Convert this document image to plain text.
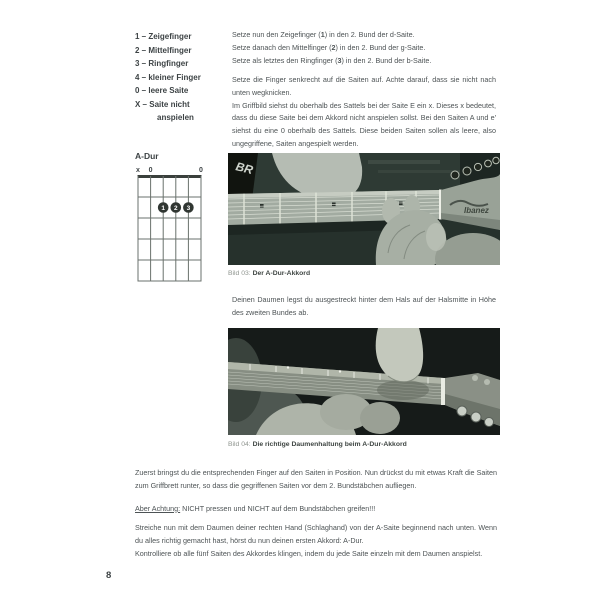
1 – Zeigefinger
2 – Mittelfinger
3 – Ringfinger
4 – kleiner Finger
0 – leere Saite
X – Saite nicht anspielen
Setze nun den Zeigefinger (1) in den 2. Bund der d-Saite.
Setze danach den Mittelfinger (2) in den 2. Bund der g-Saite.
Setze als letztes den Ringfinger (3) in den 2. Bund der b-Saite.

Setze die Finger senkrecht auf die Saiten auf. Achte darauf, dass sie nicht nach unten wegknicken.

Im Griffbild siehst du oberhalb des Sattels bei der Saite E ein x. Dieses x bedeutet, dass du diese Saite bei dem Akkord nicht anspielen sollst. Bei den Saiten A und e' siehst du eine 0 oberhalb des Sattels. Diese beiden Saiten sollen als leere, also ungegriffene, Saiten angespielt werden.

A-Dur
x 0	0
1 2 3
BR
Ibanez
Bild 03: Der A-Dur-Akkord
Deinen Daumen legst du ausgestreckt hinter dem Hals auf der Halsmitte in Höhe des zweiten Bundes ab.
Bild 04: Die richtige Daumenhaltung beim A-Dur-Akkord

Zuerst bringst du die entsprechenden Finger auf den Saiten in Position. Nun drückst du mit etwas Kraft die Saiten zum Griffbrett runter, so dass die gegriffenen Saiten vor dem 2. Bundstäbchen aufliegen.

Aber Achtung: NICHT pressen und NICHT auf dem Bundstäbchen greifen!!!

Streiche nun mit dem Daumen deiner rechten Hand (Schlaghand) von der A-Saite beginnend nach unten. Wenn du alles richtig gemacht hast, hörst du nun deinen ersten Akkord: A-Dur.

Kontrolliere ob alle fünf Saiten des Akkordes klingen, indem du jede Saite einzeln mit dem Daumen anspielst.

8
